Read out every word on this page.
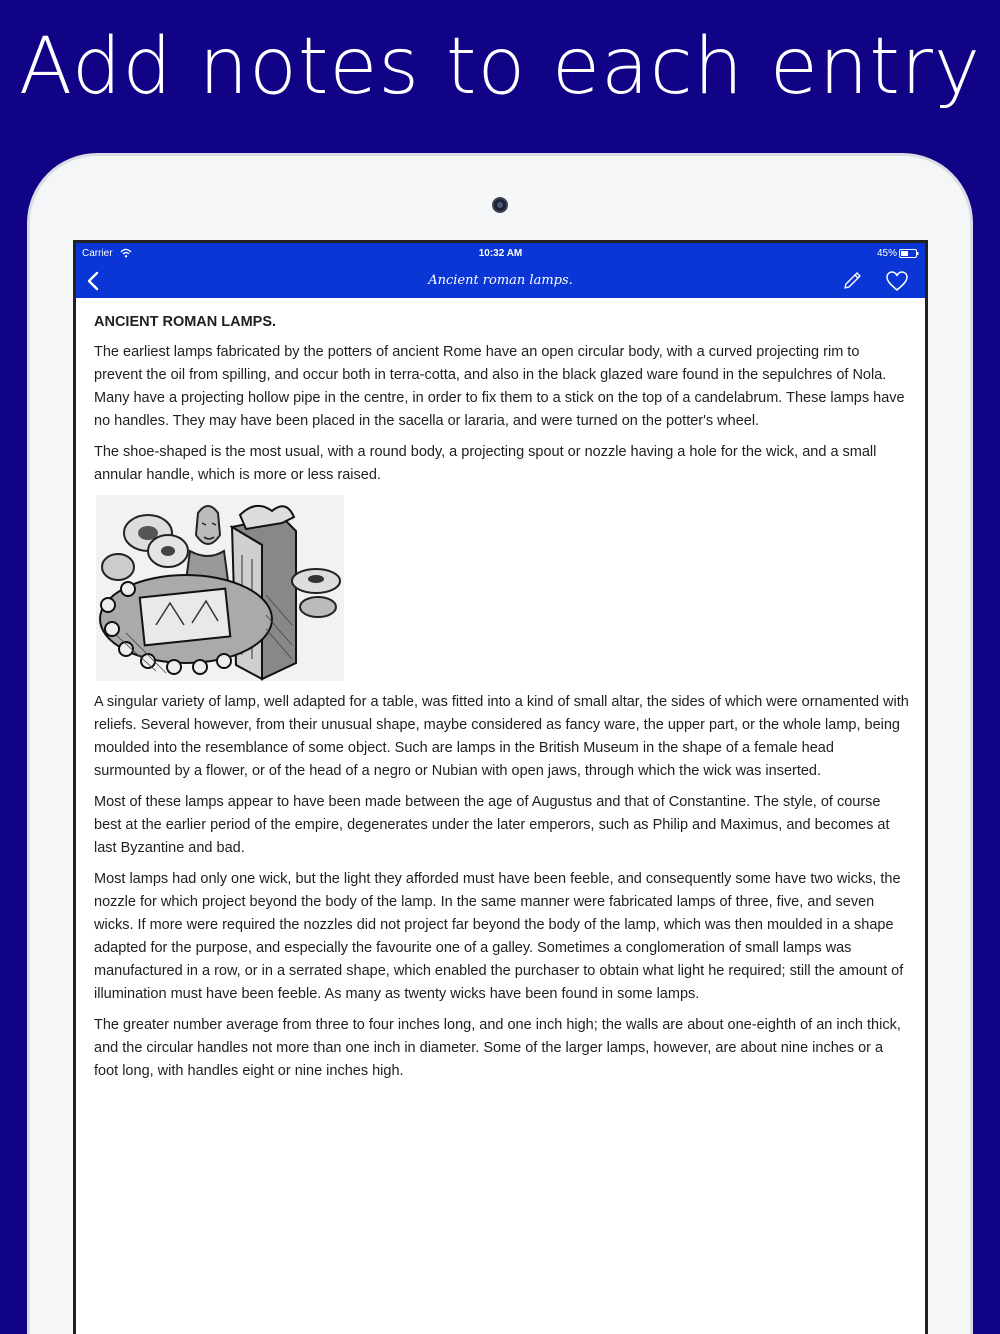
Add notes to each entry
Carrier	10:32 AM	45%
Ancient roman lamps.
ANCIENT ROMAN LAMPS.

The earliest lamps fabricated by the potters of ancient Rome have an open circular body, with a curved projecting rim to prevent the oil from spilling, and occur both in terra-cotta, and also in the black glazed ware found in the sepulchres of Nola. Many have a projecting hollow pipe in the centre, in order to fix them to a stick on the top of a candelabrum. These lamps have no handles. They may have been placed in the sacella or lararia, and were turned on the potter's wheel.

The shoe-shaped is the most usual, with a round body, a projecting spout or nozzle having a hole for the wick, and a small annular handle, which is more or less raised.

A singular variety of lamp, well adapted for a table, was fitted into a kind of small altar, the sides of which were ornamented with reliefs. Several however, from their unusual shape, maybe considered as fancy ware, the upper part, or the whole lamp, being moulded into the resemblance of some object. Such are lamps in the British Museum in the shape of a female head surmounted by a flower, or of the head of a negro or Nubian with open jaws, through which the wick was inserted.

Most of these lamps appear to have been made between the age of Augustus and that of Constantine. The style, of course best at the earlier period of the empire, degenerates under the later emperors, such as Philip and Maximus, and becomes at last Byzantine and bad.

Most lamps had only one wick, but the light they afforded must have been feeble, and consequently some have two wicks, the nozzle for which project beyond the body of the lamp. In the same manner were fabricated lamps of three, five, and seven wicks. If more were required the nozzles did not project far beyond the body of the lamp, which was then moulded in a shape adapted for the purpose, and especially the favourite one of a galley. Sometimes a conglomeration of small lamps was manufactured in a row, or in a serrated shape, which enabled the purchaser to obtain what light he required; still the amount of illumination must have been feeble. As many as twenty wicks have been found in some lamps.

The greater number average from three to four inches long, and one inch high; the walls are about one-eighth of an inch thick, and the circular handles not more than one inch in diameter. Some of the larger lamps, however, are about nine inches or a foot long, with handles eight or nine inches high.
